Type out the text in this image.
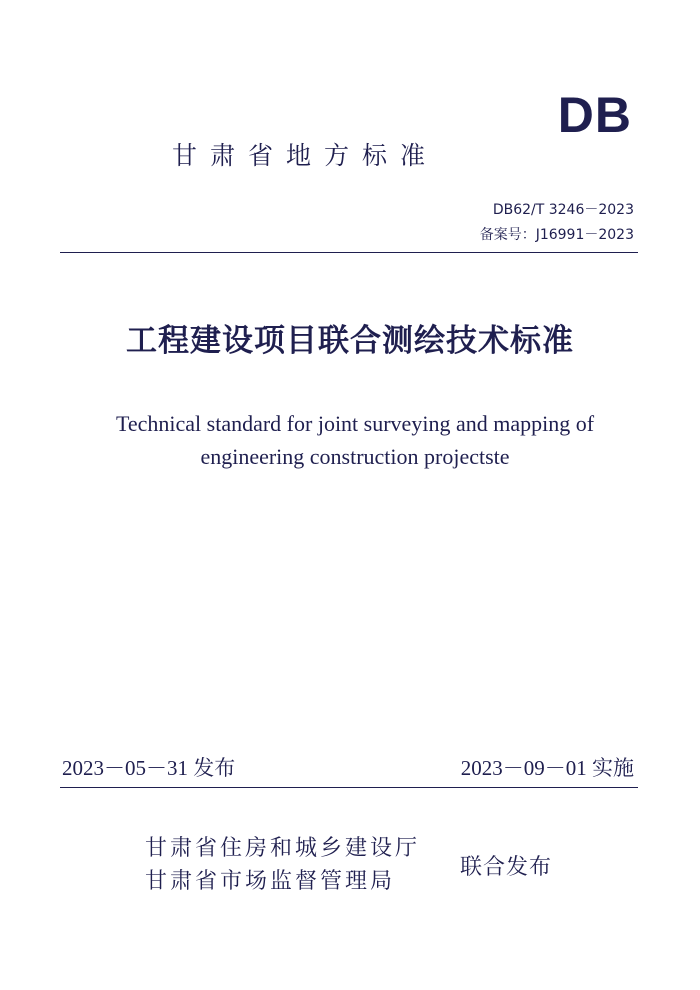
DB
甘肃省地方标准
DB62/T 3246－2023
备案号：J16991－2023
工程建设项目联合测绘技术标准
Technical standard for joint surveying and mapping of
engineering construction projectste
2023－05－31 发布	2023－09－01 实施
甘肃省住房和城乡建设厅
甘肃省市场监督管理局
联合发布
